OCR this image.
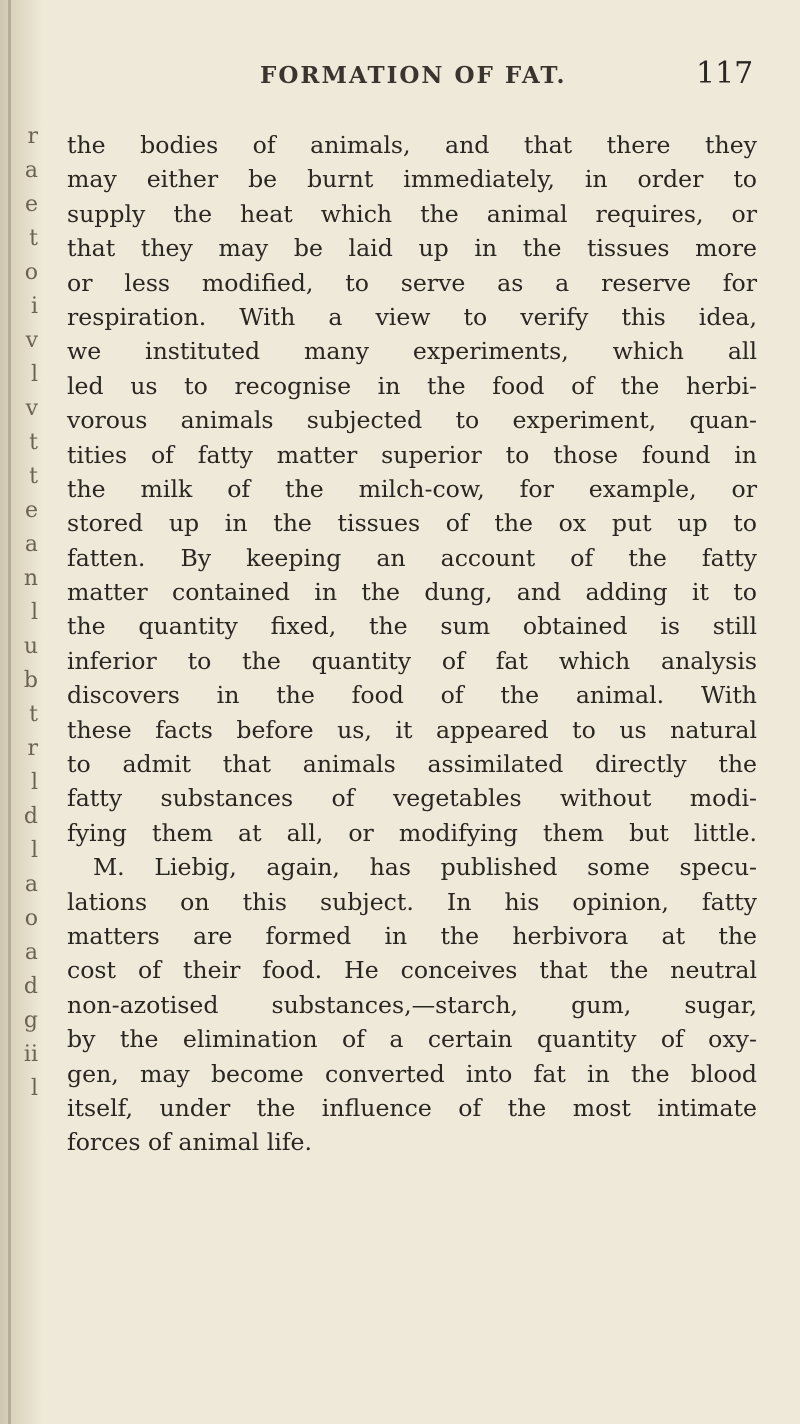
r
a
e
t
o
i
v
l
v
t
t
e
a
n
l
u
b
t
r
l
d
l
a
o
a
d
g
ii
l
FORMATION OF FAT.	117
the bodies of animals, and that there they
may either be burnt immediately, in order to
supply the heat which the animal requires, or
that they may be laid up in the tissues more
or less modified, to serve as a reserve for
respiration. With a view to verify this idea,
we instituted many experiments, which all
led us to recognise in the food of the herbi-
vorous animals subjected to experiment, quan-
tities of fatty matter superior to those found in
the milk of the milch-cow, for example, or
stored up in the tissues of the ox put up to
fatten. By keeping an account of the fatty
matter contained in the dung, and adding it to
the quantity fixed, the sum obtained is still
inferior to the quantity of fat which analysis
discovers in the food of the animal. With
these facts before us, it appeared to us natural
to admit that animals assimilated directly the
fatty substances of vegetables without modi-
fying them at all, or modifying them but little.
M. Liebig, again, has published some specu-
lations on this subject. In his opinion, fatty
matters are formed in the herbivora at the
cost of their food. He conceives that the neutral
non-azotised substances,—starch, gum, sugar,
by the elimination of a certain quantity of oxy-
gen, may become converted into fat in the blood
itself, under the influence of the most intimate
forces of animal life.
